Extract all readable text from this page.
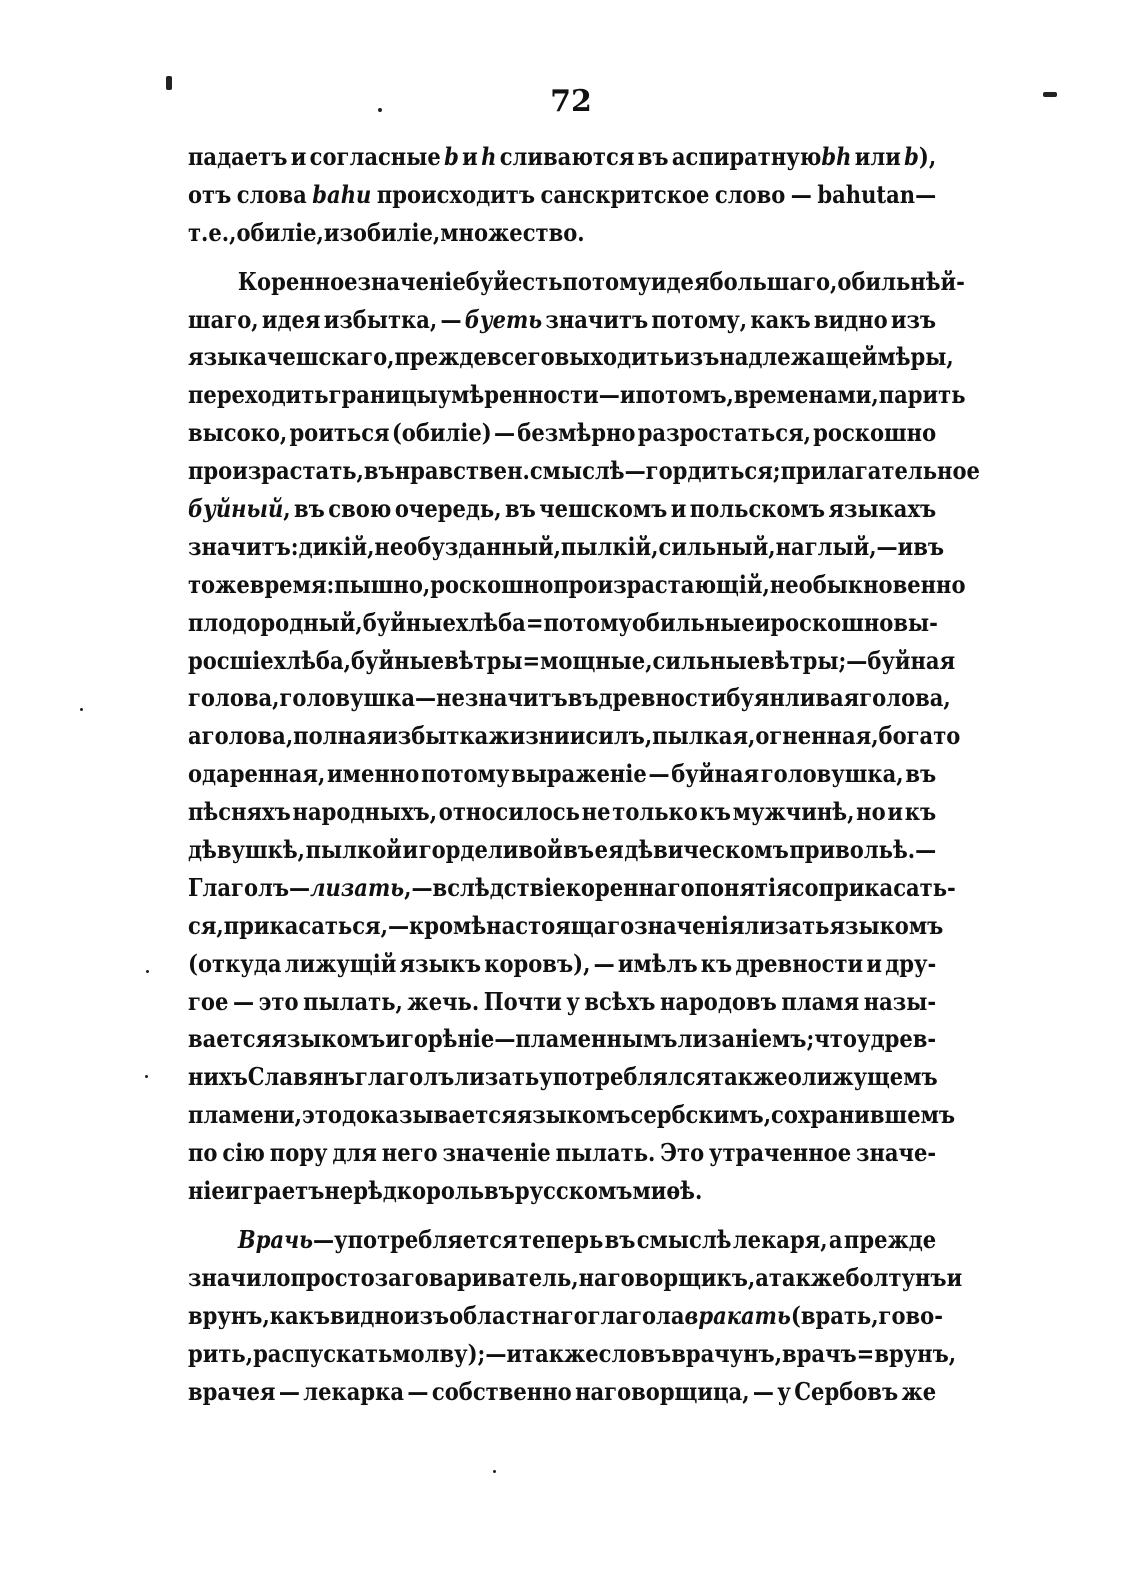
72
падаетъ и согласные b и h сливаются въ аспиратнуюbh или b),
отъ слова bahu происходитъ санскритское слово — bahutan—
т. е., обиліе, изобиліе, множество.
Коренное значеніе буй есть потому идея большаго, обильнѣй-
шаго, идея избытка, — буеть значитъ потому, какъ видно изъ
языка чешскаго, прежде всего выходить изъ надлежащей мѣры,
переходить границы умѣренности—и потомъ, временами, парить
высоко, роиться (обиліе) — безмѣрно разростаться, роскошно
произрастать, въ нравствен. смыслѣ—гордиться; прилагательное
буйный, въ свою очередь, въ чешскомъ и польскомъ языкахъ
значитъ: дикій, необузданный, пылкій, сильный, наглый,—и въ
тоже время: пышно, роскошно произрастающій, необыкновенно
плодородный, буйные хлѣба=потому обильные и роскошно вы-
росшіе хлѣба, буйные вѣтры=мощные, сильные вѣтры;—буйная
голова, головушка—не значитъ въ древности буянливая голова,
а голова, полная избытка жизни и силъ, пылкая, огненная, богато
одаренная, именно потому выраженіе — буйная головушка, въ
пѣсняхъ народныхъ, относилось не только къ мужчинѣ, но и къ
дѣвушкѣ, пылкой и горделивой въ ея дѣвическомъ привольѣ.—
Глаголъ—лизать,—вслѣдствіе кореннаго понятія соприкасать-
ся, прикасаться, — кромѣ настоящаго значенія лизать языкомъ
(откуда лижущій языкъ коровъ), — имѣлъ къ древности и дру-
гое — это пылать, жечь. Почти у всѣхъ народовъ пламя назы-
вается языкомъ и горѣніе—пламеннымъ лизаніемъ; что у древ-
нихъ Славянъ глаголъ лизать употреблялся также о лижущемъ
пламени, это доказывается языкомъ сербскимъ, сохранившемъ
по сію пору для него значеніе пылать. Это утраченное значе-
ніе играетъ нерѣдко роль въ русскомъ миѳѣ.
Врачь—употребляется теперь въ смыслѣ лекаря, а прежде
значило просто заговариватель, наговорщикъ, а также болтунъ и
врунъ, какъ видно изъ областнаго глагола вракать (врать, гово-
рить, распускать молву);—и также словъ врачунъ, врачъ=врунъ,
врачея — лекарка — собственно наговорщица, — у Сербовъ же
